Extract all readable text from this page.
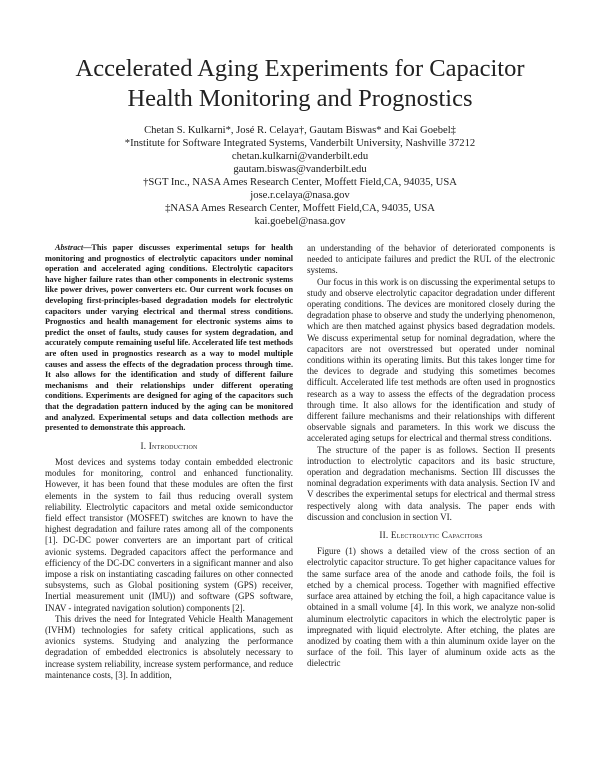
Accelerated Aging Experiments for Capacitor Health Monitoring and Prognostics
Chetan S. Kulkarni*, José R. Celaya†, Gautam Biswas* and Kai Goebel‡
*Institute for Software Integrated Systems, Vanderbilt University, Nashville 37212
chetan.kulkarni@vanderbilt.edu
gautam.biswas@vanderbilt.edu
†SGT Inc., NASA Ames Research Center, Moffett Field,CA, 94035, USA
jose.r.celaya@nasa.gov
‡NASA Ames Research Center, Moffett Field,CA, 94035, USA
kai.goebel@nasa.gov

Abstract—This paper discusses experimental setups for health monitoring and prognostics of electrolytic capacitors under nominal operation and accelerated aging conditions. Electrolytic capacitors have higher failure rates than other components in electronic systems like power drives, power converters etc. Our current work focuses on developing first-principles-based degradation models for electrolytic capacitors under varying electrical and thermal stress conditions. Prognostics and health management for electronic systems aims to predict the onset of faults, study causes for system degradation, and accurately compute remaining useful life. Accelerated life test methods are often used in prognostics research as a way to model multiple causes and assess the effects of the degradation process through time. It also allows for the identification and study of different failure mechanisms and their relationships under different operating conditions. Experiments are designed for aging of the capacitors such that the degradation pattern induced by the aging can be monitored and analyzed. Experimental setups and data collection methods are presented to demonstrate this approach.

I. Introduction

Most devices and systems today contain embedded electronic modules for monitoring, control and enhanced functionality. However, it has been found that these modules are often the first elements in the system to fail thus reducing overall system reliability. Electrolytic capacitors and metal oxide semiconductor field effect transistor (MOSFET) switches are known to have the highest degradation and failure rates among all of the components [1]. DC-DC power converters are an important part of critical avionic systems. Degraded capacitors affect the performance and efficiency of the DC-DC converters in a significant manner and also impose a risk on instantiating cascading failures on other connected subsystems, such as Global positioning system (GPS) receiver, Inertial measurement unit (IMU)) and software (GPS software, INAV - integrated navigation solution) components [2].

This drives the need for Integrated Vehicle Health Management (IVHM) technologies for safety critical applications, such as avionics systems. Studying and analyzing the performance degradation of embedded electronics is absolutely necessary to increase system reliability, increase system performance, and reduce maintenance costs, [3]. In addition,

an understanding of the behavior of deteriorated components is needed to anticipate failures and predict the RUL of the electronic systems.

Our focus in this work is on discussing the experimental setups to study and observe electrolytic capacitor degradation under different operating conditions. The devices are monitored closely during the degradation phase to observe and study the underlying phenomenon, which are then matched against physics based degradation models. We discuss experimental setup for nominal degradation, where the capacitors are not overstressed but operated under nominal conditions within its operating limits. But this takes longer time for the devices to degrade and studying this sometimes becomes difficult. Accelerated life test methods are often used in prognostics research as a way to assess the effects of the degradation process through time. It also allows for the identification and study of different failure mechanisms and their relationships with different observable signals and parameters. In this work we discuss the accelerated aging setups for electrical and thermal stress conditions.

The structure of the paper is as follows. Section II presents introduction to electrolytic capacitors and its basic structure, operation and degradation mechanisms. Section III discusses the nominal degradation experiments with data analysis. Section IV and V describes the experimental setups for electrical and thermal stress respectively along with data analysis. The paper ends with discussion and conclusion in section VI.

II. Electrolytic Capacitors

Figure (1) shows a detailed view of the cross section of an electrolytic capacitor structure. To get higher capacitance values for the same surface area of the anode and cathode foils, the foil is etched by a chemical process. Together with magnified effective surface area attained by etching the foil, a high capacitance value is obtained in a small volume [4]. In this work, we analyze non-solid aluminum electrolytic capacitors in which the electrolytic paper is impregnated with liquid electrolyte. After etching, the plates are anodized by coating them with a thin aluminum oxide layer on the surface of the foil. This layer of aluminum oxide acts as the dielectric
